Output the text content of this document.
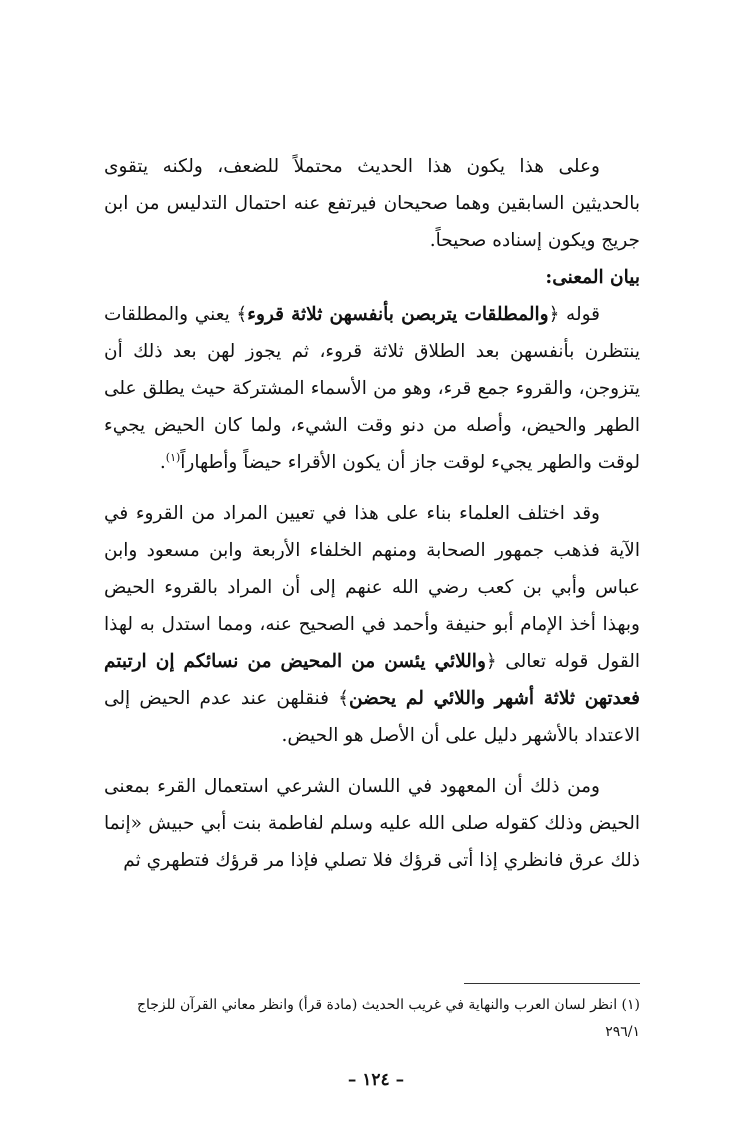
وعلى هذا يكون هذا الحديث محتملاً للضعف، ولكنه يتقوى بالحديثين السابقين وهما صحيحان فيرتفع عنه احتمال التدليس من ابن جريج ويكون إسناده صحيحاً.

بيان المعنى:

قوله ﴿والمطلقات يتربصن بأنفسهن ثلاثة قروء﴾ يعني والمطلقات ينتظرن بأنفسهن بعد الطلاق ثلاثة قروء، ثم يجوز لهن بعد ذلك أن يتزوجن، والقروء جمع قرء، وهو من الأسماء المشتركة حيث يطلق على الطهر والحيض، وأصله من دنو وقت الشيء، ولما كان الحيض يجيء لوقت والطهر يجيء لوقت جاز أن يكون الأقراء حيضاً وأطهاراً$^{(١)}$.

وقد اختلف العلماء بناء على هذا في تعيين المراد من القروء في الآية فذهب جمهور الصحابة ومنهم الخلفاء الأربعة وابن مسعود وابن عباس وأبي بن كعب رضي الله عنهم إلى أن المراد بالقروء الحيض وبهذا أخذ الإمام أبو حنيفة وأحمد في الصحيح عنه، ومما استدل به لهذا القول قوله تعالى ﴿واللائي يئسن من المحيض من نسائكم إن ارتبتم فعدتهن ثلاثة أشهر واللائي لم يحضن﴾ فنقلهن عند عدم الحيض إلى الاعتداد بالأشهر دليل على أن الأصل هو الحيض.

ومن ذلك أن المعهود في اللسان الشرعي استعمال القرء بمعنى الحيض وذلك كقوله صلى الله عليه وسلم لفاطمة بنت أبي حبيش «إنما ذلك عرق فانظري إذا أتى قرؤك فلا تصلي فإذا مر قرؤك فتطهري ثم

(١) انظر لسان العرب والنهاية في غريب الحديث (مادة قرأ) وانظر معاني القرآن للزجاج

٢٩٦/١

– ١٢٤ –
